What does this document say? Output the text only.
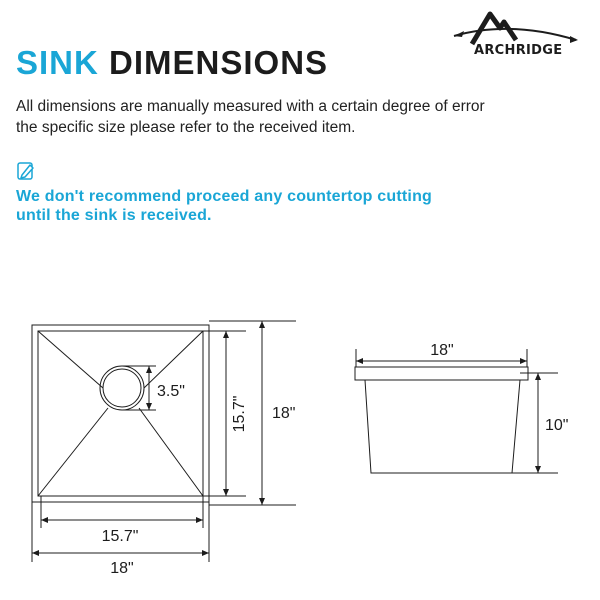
ARCHRIDGE
SINK DIMENSIONS
All dimensions are manually measured with a certain degree of error
the specific size please refer to the received item.
We don't recommend proceed any countertop cutting
until the sink is received.
3.5"
15.7" 18"
15.7"
18"
18"
10"
